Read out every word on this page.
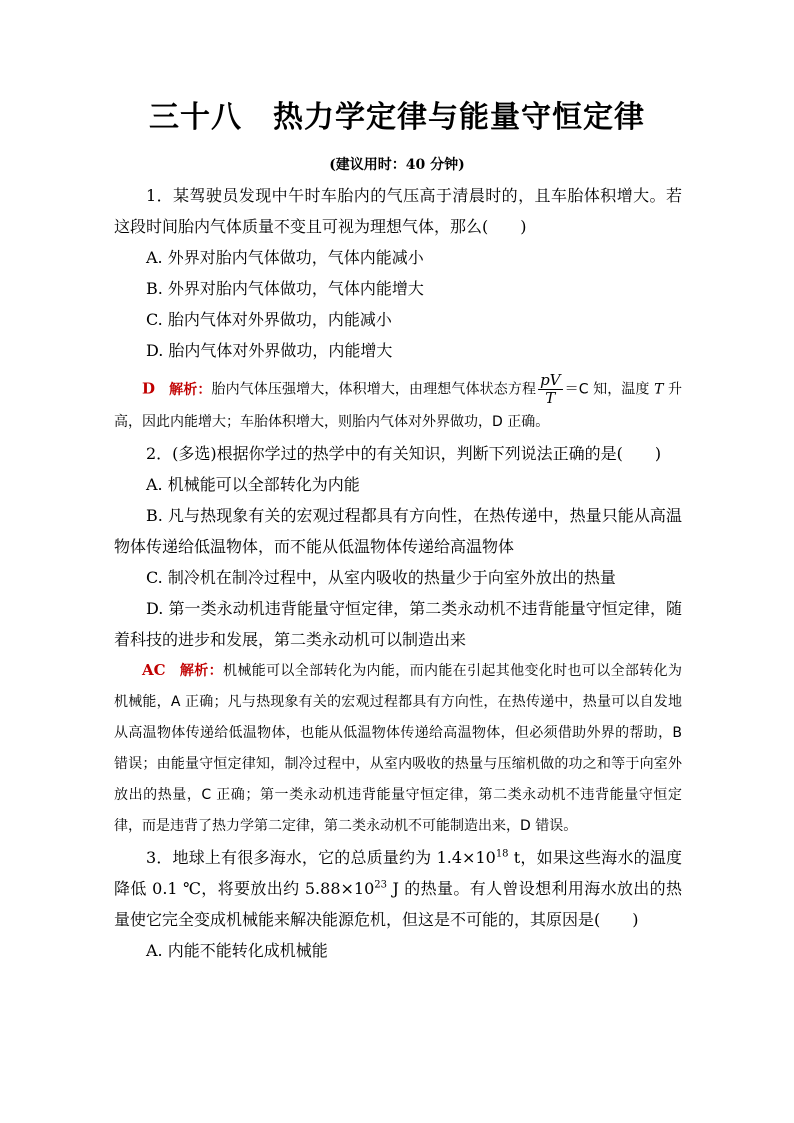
三十八　热力学定律与能量守恒定律
(建议用时：40 分钟)

1．某驾驶员发现中午时车胎内的气压高于清晨时的，且车胎体积增大。若这段时间胎内气体质量不变且可视为理想气体，那么(　　)

A. 外界对胎内气体做功，气体内能减小

B. 外界对胎内气体做功，气体内能增大

C. 胎内气体对外界做功，内能减小

D. 胎内气体对外界做功，内能增大

D 解析：胎内气体压强增大，体积增大，由理想气体状态方程 $\frac{pV}{T} =C$ 知，温度 T 升高，因此内能增大；车胎体积增大，则胎内气体对外界做功，D 正确。

2．(多选)根据你学过的热学中的有关知识，判断下列说法正确的是(　　)

A. 机械能可以全部转化为内能

B. 凡与热现象有关的宏观过程都具有方向性，在热传递中，热量只能从高温物体传递给低温物体，而不能从低温物体传递给高温物体

C. 制冷机在制冷过程中，从室内吸收的热量少于向室外放出的热量

D. 第一类永动机违背能量守恒定律，第二类永动机不违背能量守恒定律，随着科技的进步和发展，第二类永动机可以制造出来

AC 解析：机械能可以全部转化为内能，而内能在引起其他变化时也可以全部转化为机械能，A 正确；凡与热现象有关的宏观过程都具有方向性，在热传递中，热量可以自发地从高温物体传递给低温物体，也能从低温物体传递给高温物体，但必须借助外界的帮助，B 错误；由能量守恒定律知，制冷过程中，从室内吸收的热量与压缩机做的功之和等于向室外放出的热量，C 正确；第一类永动机违背能量守恒定律，第二类永动机不违背能量守恒定律，而是违背了热力学第二定律，第二类永动机不可能制造出来，D 错误。

3．地球上有很多海水，它的总质量约为 $1.4\times 10^{18}$ t，如果这些海水的温度降低 0.1 ℃，将要放出约 $5.88\times 10^{23}$ J 的热量。有人曾设想利用海水放出的热量使它完全变成机械能来解决能源危机，但这是不可能的，其原因是(　　)

A. 内能不能转化成机械能
